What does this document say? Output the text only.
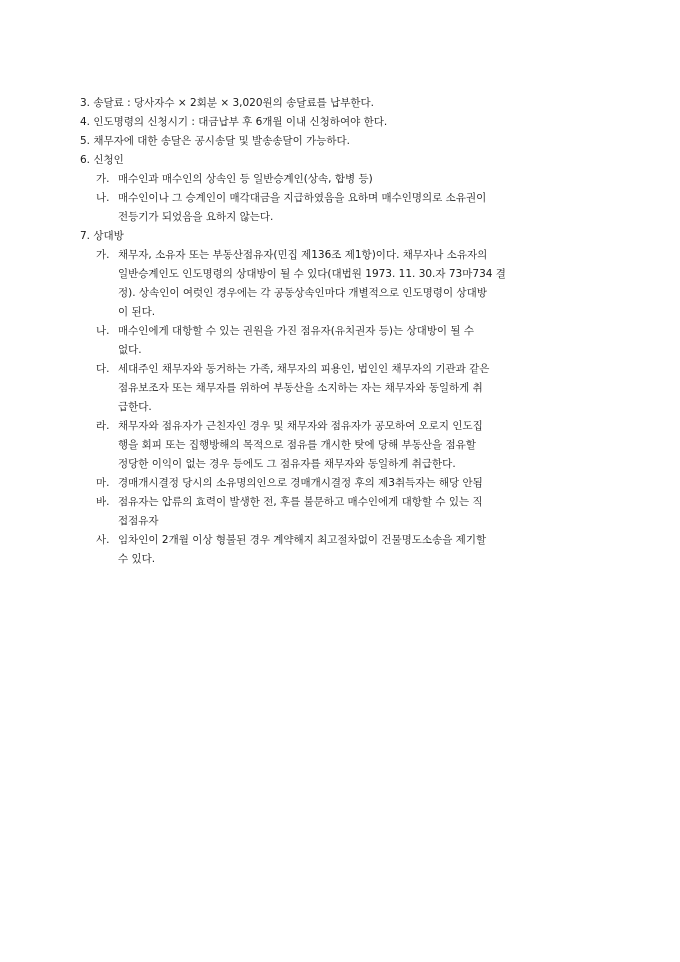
3. 송달료 : 당사자수 × 2회분 × 3,020원의 송달료를 납부한다.
4. 인도명령의 신청시기 : 대금납부 후 6개월 이내 신청하여야 한다.
5. 채무자에 대한 송달은 공시송달 및 발송송달이 가능하다.
6. 신청인
가. 매수인과 매수인의 상속인 등 일반승계인(상속, 합병 등)
나. 매수인이나 그 승계인이 매각대금을 지급하였음을 요하며 매수인명의로 소유권이
전등기가 되었음을 요하지 않는다.
7. 상대방
가. 채무자, 소유자 또는 부동산점유자(민집 제136조 제1항)이다. 채무자나 소유자의
일반승계인도 인도명령의 상대방이 될 수 있다(대법원 1973. 11. 30.자 73마734 결
정). 상속인이 여럿인 경우에는 각 공동상속인마다 개별적으로 인도명령이 상대방
이 된다.
나. 매수인에게 대항할 수 있는 권원을 가진 점유자(유치권자 등)는 상대방이 될 수
없다.
다. 세대주인 채무자와 동거하는 가족, 채무자의 피용인, 법인인 채무자의 기관과 같은
점유보조자 또는 채무자를 위하여 부동산을 소지하는 자는 채무자와 동일하게 취
급한다.
라. 채무자와 점유자가 근친자인 경우 및 채무자와 점유자가 공모하여 오로지 인도집
행을 회피 또는 집행방해의 목적으로 점유를 개시한 탓에 당해 부동산을 점유할
정당한 이익이 없는 경우 등에도 그 점유자를 채무자와 동일하게 취급한다.
마. 경매개시결정 당시의 소유명의인으로 경매개시결정 후의 제3취득자는 해당 안됨
바. 점유자는 압류의 효력이 발생한 전, 후를 불문하고 매수인에게 대항할 수 있는 직
접점유자
사. 임차인이 2개월 이상 형불된 경우 계약해지 최고절차없이 건물명도소송을 제기할
수 있다.
